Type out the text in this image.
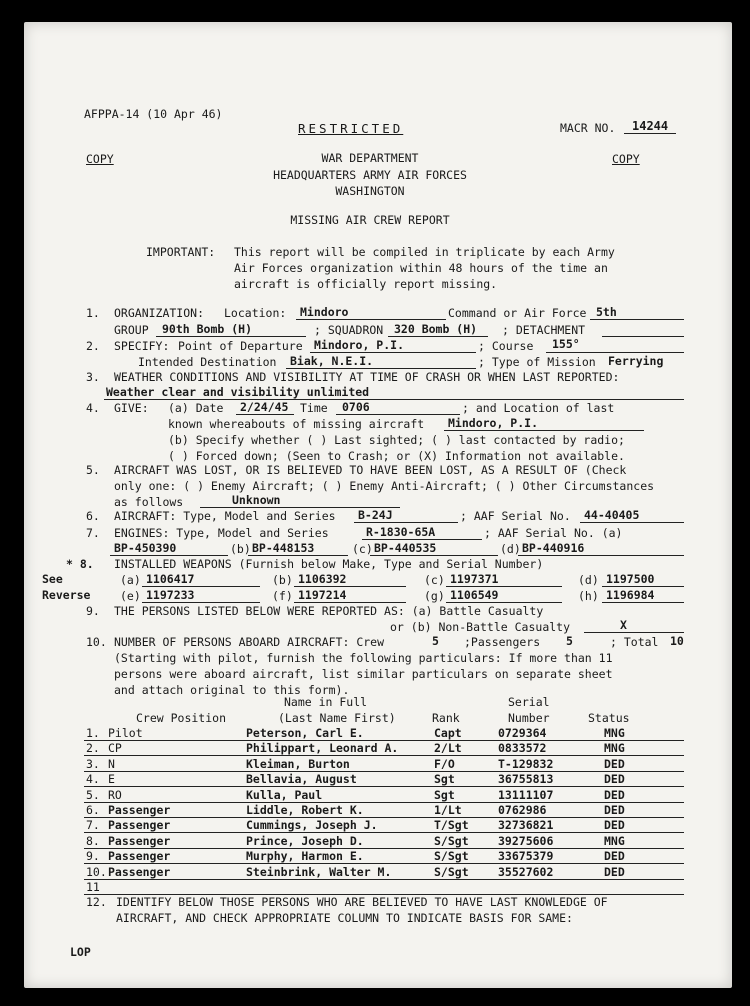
AFPPA-14 (10 Apr 46)
RESTRICTED	MACR NO. 14244
COPY	COPY
WAR DEPARTMENT
HEADQUARTERS ARMY AIR FORCES
WASHINGTON
MISSING AIR CREW REPORT
IMPORTANT: This report will be compiled in triplicate by each Army
Air Forces organization within 48 hours of the time an
aircraft is officially report missing.
1. ORGANIZATION: Location: Mindoro	Command or Air Force 5th
GROUP 90th Bomb (H)	; SQUADRON 320 Bomb (H) ; DETACHMENT
2. SPECIFY: Point of Departure Mindoro, P.I.	; Course 155°
Intended Destination Biak, N.E.I.	; Type of Mission Ferrying
3. WEATHER CONDITIONS AND VISIBILITY AT TIME OF CRASH OR WHEN LAST REPORTED:
Weather clear and visibility unlimited
4. GIVE: (a) Date 2/24/45 Time 0706	; and Location of last
known whereabouts of missing aircraft Mindoro, P.I.
(b) Specify whether ( ) Last sighted; ( ) last contacted by radio;
( ) Forced down; (Seen to Crash; or (X) Information not available.
5. AIRCRAFT WAS LOST, OR IS BELIEVED TO HAVE BEEN LOST, AS A RESULT OF (Check
only one: ( ) Enemy Aircraft; ( ) Enemy Anti-Aircraft; ( ) Other Circumstances
as follows	Unknown
6. AIRCRAFT: Type, Model and Series B-24J	; AAF Serial No. 44-40405
7. ENGINES: Type, Model and Series	R-1830-65A	; AAF Serial No. (a)
BP-450390	(b) BP-448153	(c) BP-440535	(d) BP-440916
* 8. INSTALLED WEAPONS (Furnish below Make, Type and Serial Number)
See
Reverse
(a) 1106417	(b) 1106392	(c) 1197371	(d) 1197500
(e) 1197233	(f) 1197214	(g) 1106549	(h) 1196984
9. THE PERSONS LISTED BELOW WERE REPORTED AS: (a) Battle Casualty
or (b) Non-Battle Casualty	X
10. NUMBER OF PERSONS ABOARD AIRCRAFT: Crew	5 ;Passengers 5	; Total 10
(Starting with pilot, furnish the following particulars: If more than 11
persons were aboard aircraft, list similar particulars on separate sheet
and attach original to this form).
Crew Position
Name in Full
(Last Name First)	Rank
Serial
Number	Status
1. Pilot	Peterson, Carl E.	Capt	0729364	MNG
2. CP	Philippart, Leonard A.	2/Lt	0833572	MNG
3. N	Kleiman, Burton	F/O	T-129832	DED
4. E	Bellavia, August	Sgt	36755813	DED
5. RO	Kulla, Paul	Sgt	13111107	DED
6. Passenger	Liddle, Robert K.	1/Lt	0762986	DED
7. Passenger	Cummings, Joseph J.	T/Sgt	32736821	DED
8. Passenger	Prince, Joseph D.	S/Sgt	39275606	MNG
9. Passenger	Murphy, Harmon E.	S/Sgt	33675379	DED
10. Passenger	Steinbrink, Walter M.	S/Sgt	35527602	DED
11
12. IDENTIFY BELOW THOSE PERSONS WHO ARE BELIEVED TO HAVE LAST KNOWLEDGE OF
AIRCRAFT, AND CHECK APPROPRIATE COLUMN TO INDICATE BASIS FOR SAME:
LOP
